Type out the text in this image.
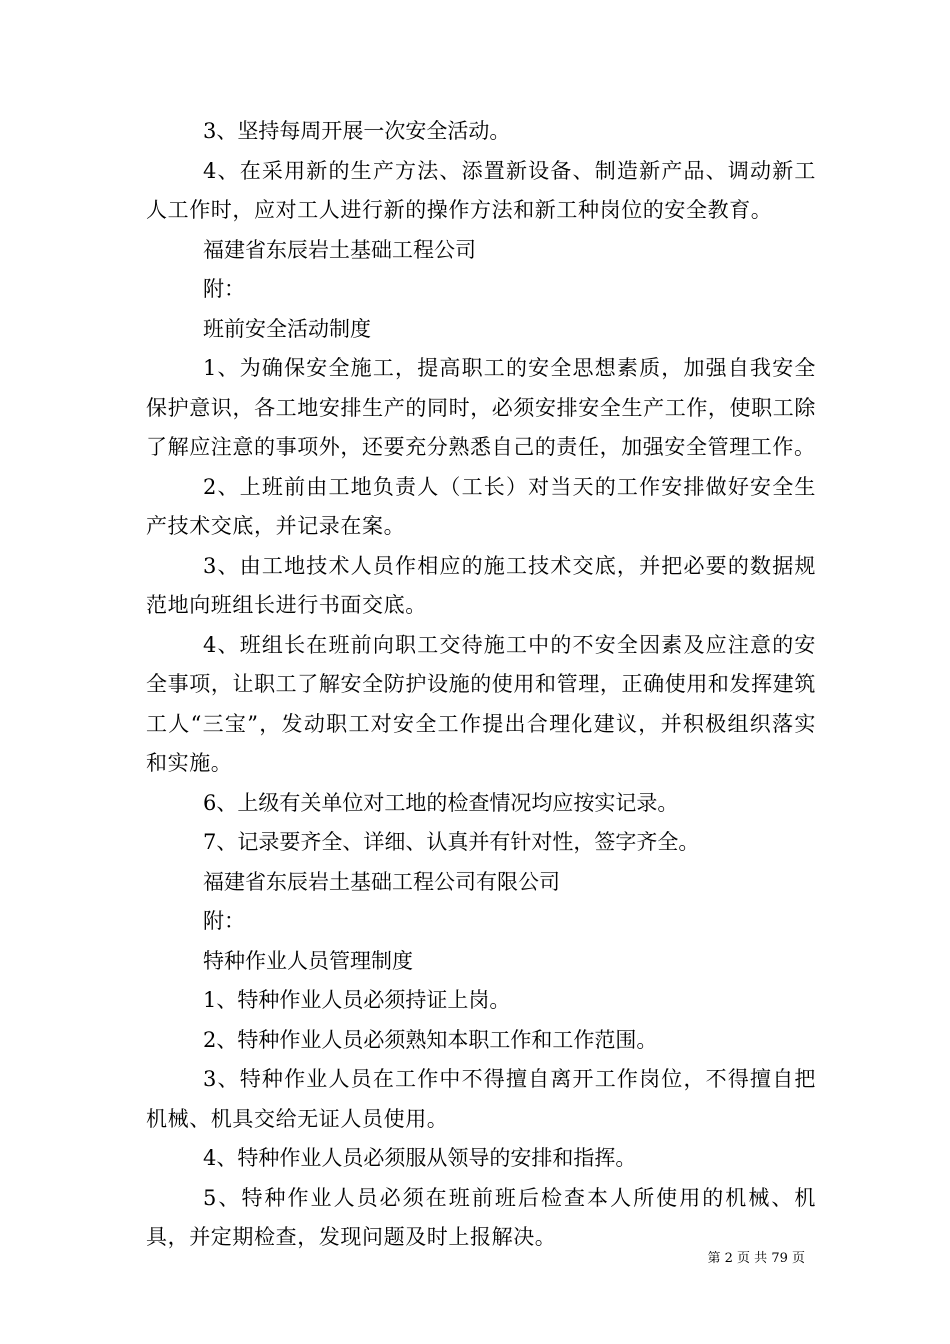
3、坚持每周开展一次安全活动。

4、在采用新的生产方法、添置新设备、制造新产品、调动新工人工作时，应对工人进行新的操作方法和新工种岗位的安全教育。

福建省东辰岩土基础工程公司

附：

班前安全活动制度

1、为确保安全施工，提高职工的安全思想素质，加强自我安全保护意识，各工地安排生产的同时，必须安排安全生产工作，使职工除了解应注意的事项外，还要充分熟悉自己的责任，加强安全管理工作。

2、上班前由工地负责人（工长）对当天的工作安排做好安全生产技术交底，并记录在案。

3、由工地技术人员作相应的施工技术交底，并把必要的数据规范地向班组长进行书面交底。

4、班组长在班前向职工交待施工中的不安全因素及应注意的安全事项，让职工了解安全防护设施的使用和管理，正确使用和发挥建筑工人“三宝”，发动职工对安全工作提出合理化建议，并积极组织落实和实施。

6、上级有关单位对工地的检查情况均应按实记录。

7、记录要齐全、详细、认真并有针对性，签字齐全。

福建省东辰岩土基础工程公司有限公司

附：

特种作业人员管理制度

1、特种作业人员必须持证上岗。

2、特种作业人员必须熟知本职工作和工作范围。

3、特种作业人员在工作中不得擅自离开工作岗位，不得擅自把机械、机具交给无证人员使用。

4、特种作业人员必须服从领导的安排和指挥。

5、特种作业人员必须在班前班后检查本人所使用的机械、机具，并定期检查，发现问题及时上报解决。

第 2 页 共 79 页
